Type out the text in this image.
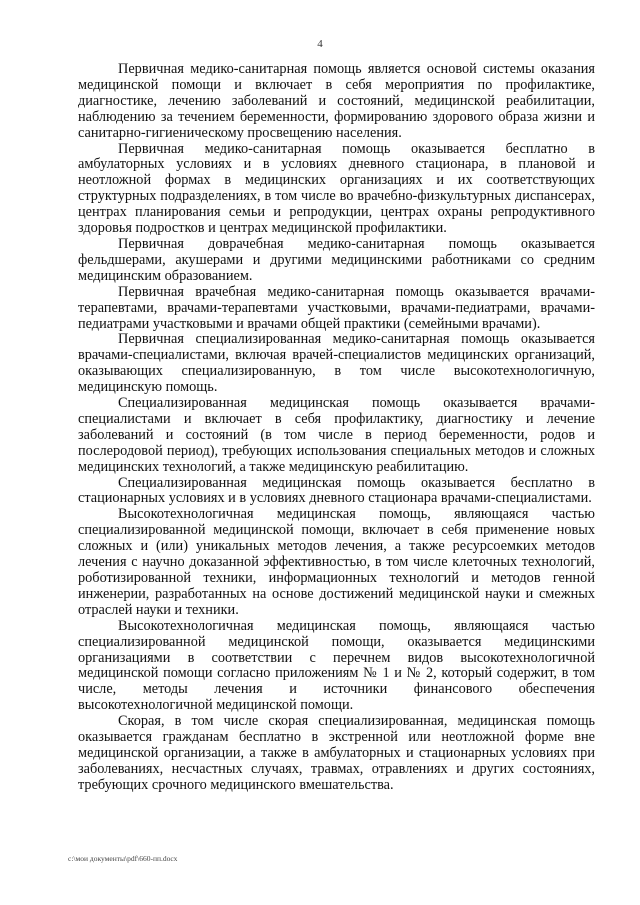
4

Первичная медико-санитарная помощь является основой системы оказания медицинской помощи и включает в себя мероприятия по профилактике, диагностике, лечению заболеваний и состояний, медицинской реабилитации, наблюдению за течением беременности, формированию здорового образа жизни и санитарно-гигиеническому просвещению населения.

Первичная медико-санитарная помощь оказывается бесплатно в амбулаторных условиях и в условиях дневного стационара, в плановой и неотложной формах в медицинских организациях и их соответствующих структурных подразделениях, в том числе во врачебно-физкультурных диспансерах, центрах планирования семьи и репродукции, центрах охраны репродуктивного здоровья подростков и центрах медицинской профилактики.

Первичная доврачебная медико-санитарная помощь оказывается фельдшерами, акушерами и другими медицинскими работниками со средним медицинским образованием.

Первичная врачебная медико-санитарная помощь оказывается врачами-терапевтами, врачами-терапевтами участковыми, врачами-педиатрами, врачами-педиатрами участковыми и врачами общей практики (семейными врачами).

Первичная специализированная медико-санитарная помощь оказывается врачами-специалистами, включая врачей-специалистов медицинских организаций, оказывающих специализированную, в том числе высокотехнологичную, медицинскую помощь.

Специализированная медицинская помощь оказывается врачами-специалистами и включает в себя профилактику, диагностику и лечение заболеваний и состояний (в том числе в период беременности, родов и послеродовой период), требующих использования специальных методов и сложных медицинских технологий, а также медицинскую реабилитацию.

Специализированная медицинская помощь оказывается бесплатно в стационарных условиях и в условиях дневного стационара врачами-специалистами.

Высокотехнологичная медицинская помощь, являющаяся частью специализированной медицинской помощи, включает в себя применение новых сложных и (или) уникальных методов лечения, а также ресурсоемких методов лечения с научно доказанной эффективностью, в том числе клеточных технологий, роботизированной техники, информационных технологий и методов генной инженерии, разработанных на основе достижений медицинской науки и смежных отраслей науки и техники.

Высокотехнологичная медицинская помощь, являющаяся частью специализированной медицинской помощи, оказывается медицинскими организациями в соответствии с перечнем видов высокотехнологичной медицинской помощи согласно приложениям № 1 и № 2, который содержит, в том числе, методы лечения и источники финансового обеспечения высокотехнологичной медицинской помощи.

Скорая, в том числе скорая специализированная, медицинская помощь оказывается гражданам бесплатно в экстренной или неотложной форме вне медицинской организации, а также в амбулаторных и стационарных условиях при заболеваниях, несчастных случаях, травмах, отравлениях и других состояниях, требующих срочного медицинского вмешательства.

c:\мои документы\pdf\660-пп.docx
